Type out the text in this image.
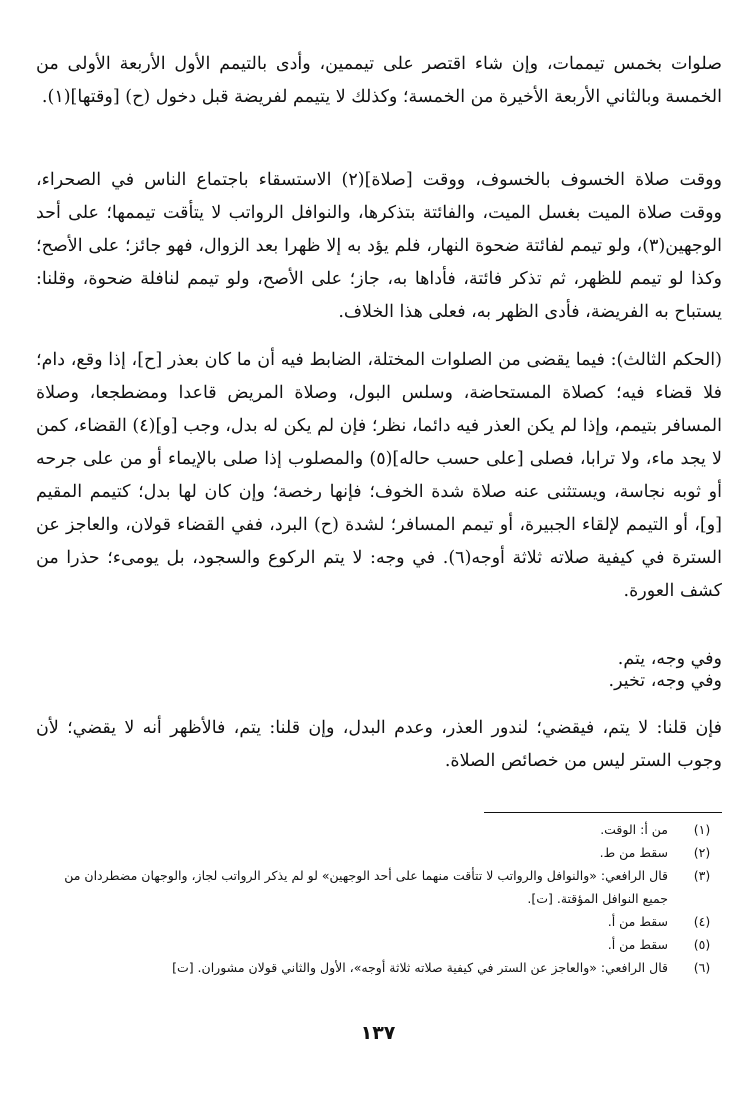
صلوات بخمس تيممات، وإن شاء اقتصر على تيممين، وأدى بالتيمم الأول الأربعة الأولى من الخمسة وبالثاني الأربعة الأخيرة من الخمسة؛ وكذلك لا يتيمم لفريضة قبل دخول (ح) [وقتها](١).

ووقت صلاة الخسوف بالخسوف، ووقت [صلاة](٢) الاستسقاء باجتماع الناس في الصحراء، ووقت صلاة الميت بغسل الميت، والفائتة بتذكرها، والنوافل الرواتب لا يتأقت تيممها؛ على أحد الوجهين(٣)، ولو تيمم لفائتة ضحوة النهار، فلم يؤد به إلا ظهرا بعد الزوال، فهو جائز؛ على الأصح؛ وكذا لو تيمم للظهر، ثم تذكر فائتة، فأداها به، جاز؛ على الأصح، ولو تيمم لنافلة ضحوة، وقلنا: يستباح به الفريضة، فأدى الظهر به، فعلى هذا الخلاف.

(الحكم الثالث): فيما يقضى من الصلوات المختلة، الضابط فيه أن ما كان بعذر [ح]، إذا وقع، دام؛ فلا قضاء فيه؛ كصلاة المستحاضة، وسلس البول، وصلاة المريض قاعدا ومضطجعا، وصلاة المسافر بتيمم، وإذا لم يكن العذر فيه دائما، نظر؛ فإن لم يكن له بدل، وجب [و](٤) القضاء، كمن لا يجد ماء، ولا ترابا، فصلى [على حسب حاله](٥) والمصلوب إذا صلى بالإيماء أو من على جرحه أو ثوبه نجاسة، ويستثنى عنه صلاة شدة الخوف؛ فإنها رخصة؛ وإن كان لها بدل؛ كتيمم المقيم [و]، أو التيمم لإلقاء الجبيرة، أو تيمم المسافر؛ لشدة (ح) البرد، ففي القضاء قولان، والعاجز عن السترة في كيفية صلاته ثلاثة أوجه(٦). في وجه: لا يتم الركوع والسجود، بل يومىء؛ حذرا من كشف العورة.

وفي وجه، يتم.

وفي وجه، تخير.

فإن قلنا: لا يتم، فيقضي؛ لندور العذر، وعدم البدل، وإن قلنا: يتم، فالأظهر أنه لا يقضي؛ لأن وجوب الستر ليس من خصائص الصلاة.

(١)
من أ: الوقت.
(٢)
سقط من ط.
(٣)
قال الرافعي: «والنوافل والرواتب لا تتأقت منهما على أحد الوجهين» لو لم يذكر الرواتب لجاز، والوجهان مضطردان من جميع النوافل المؤقتة. [ت].
(٤)
سقط من أ.
(٥)
سقط من أ.
(٦)
قال الرافعي: «والعاجز عن الستر في كيفية صلاته ثلاثة أوجه»، الأول والثاني قولان مشوران. [ت]
١٣٧
